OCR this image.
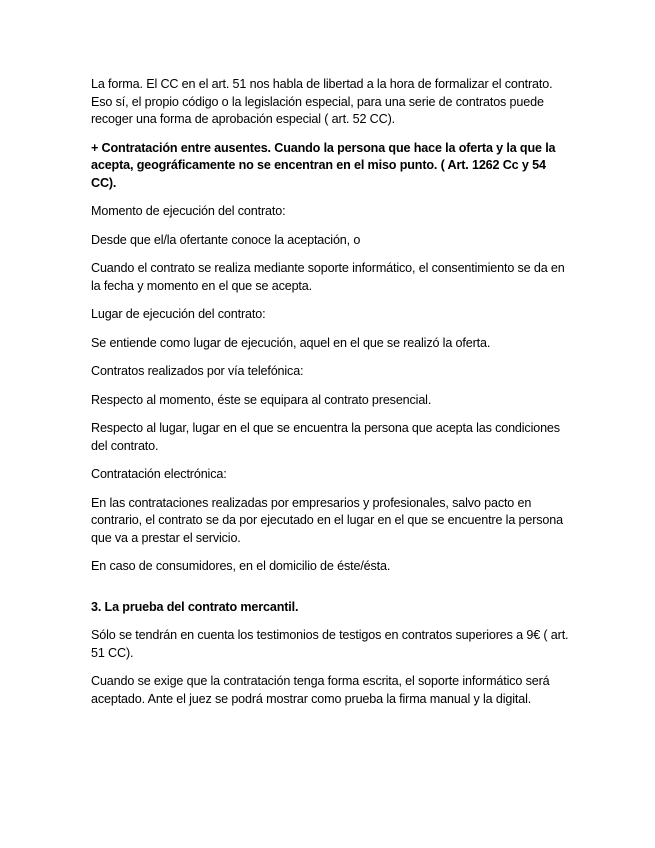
La forma. El CC en el art. 51 nos habla de libertad a la hora de formalizar el contrato. Eso sí, el propio código o la legislación especial, para una serie de contratos puede recoger una forma de aprobación especial ( art. 52 CC).

+ Contratación entre ausentes. Cuando la persona que hace la oferta y la que la acepta, geográficamente no se encentran en el miso punto. ( Art. 1262 Cc y 54 CC).

Momento de ejecución del contrato:

Desde que el/la ofertante conoce la aceptación, o

Cuando el contrato se realiza mediante soporte informático, el consentimiento se da en la fecha y momento en el que se acepta.

Lugar de ejecución del contrato:

Se entiende como lugar de ejecución, aquel en el que se realizó la oferta.

Contratos realizados por vía telefónica:

Respecto al momento, éste se equipara al contrato presencial.

Respecto al lugar, lugar en el que se encuentra la persona que acepta las condiciones del contrato.

Contratación electrónica:

En las contrataciones realizadas por empresarios y profesionales, salvo pacto en contrario, el contrato se da por ejecutado en el lugar en el que se encuentre la persona que va a prestar el servicio.

En caso de consumidores, en el domicilio de éste/ésta.

3. La prueba del contrato mercantil.

Sólo se tendrán en cuenta los testimonios de testigos en contratos superiores a 9€ ( art. 51 CC).

Cuando se exige que la contratación tenga forma escrita, el soporte informático será aceptado. Ante el juez se podrá mostrar como prueba la firma manual y la digital.
